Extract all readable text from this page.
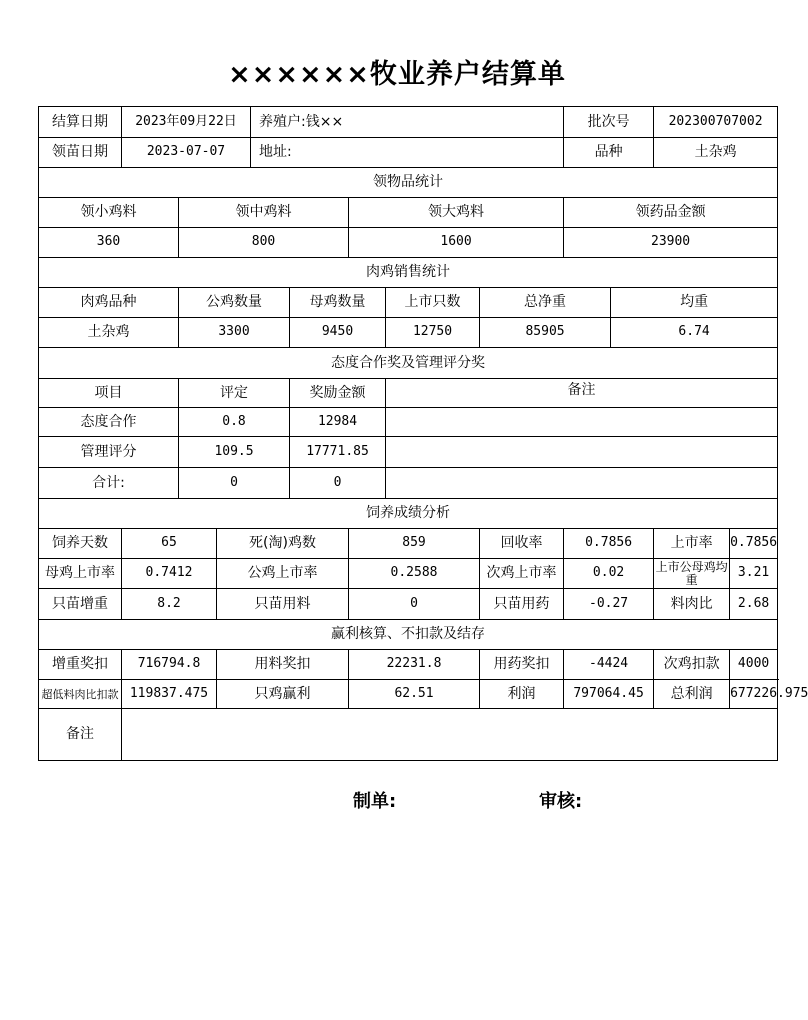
××××××牧业养户结算单
结算日期	2023年09月22日			养殖户:钱××					批次号		202300707002		
领苗日期	2023-07-07			地址:					品种		土杂鸡		
领物品统计													
领小鸡料		领中鸡料				领大鸡料			领药品金额				
360		800				1600			23900				
肉鸡销售统计													
肉鸡品种		公鸡数量			母鸡数量		上市只数	总净重		均重			
土杂鸡		3300			9450		12750	85905		6.74			
态度合作奖及管理评分奖													
项目		评定			奖励金额		备注						
态度合作		0.8			12984								
管理评分		109.5			17771.85								
合计:		0			0								
饲养成绩分析													
饲养天数	65		死(淘)鸡数			859		回收率	0.7856		上市率	0.7856	
母鸡上市率	0.7412		公鸡上市率			0.2588		次鸡上市率	0.02		上市公母鸡均重	3.21	
只苗增重	8.2		只苗用料			0		只苗用药	-0.27		料肉比	2.68	
赢利核算、不扣款及结存													
增重奖扣	716794.8		用料奖扣			22231.8		用药奖扣	-4424		次鸡扣款	4000	
超低料肉比扣款	119837.475		只鸡赢利			62.51		利润	797064.45		总利润	677226.975	
备注													
制单:	审核:
